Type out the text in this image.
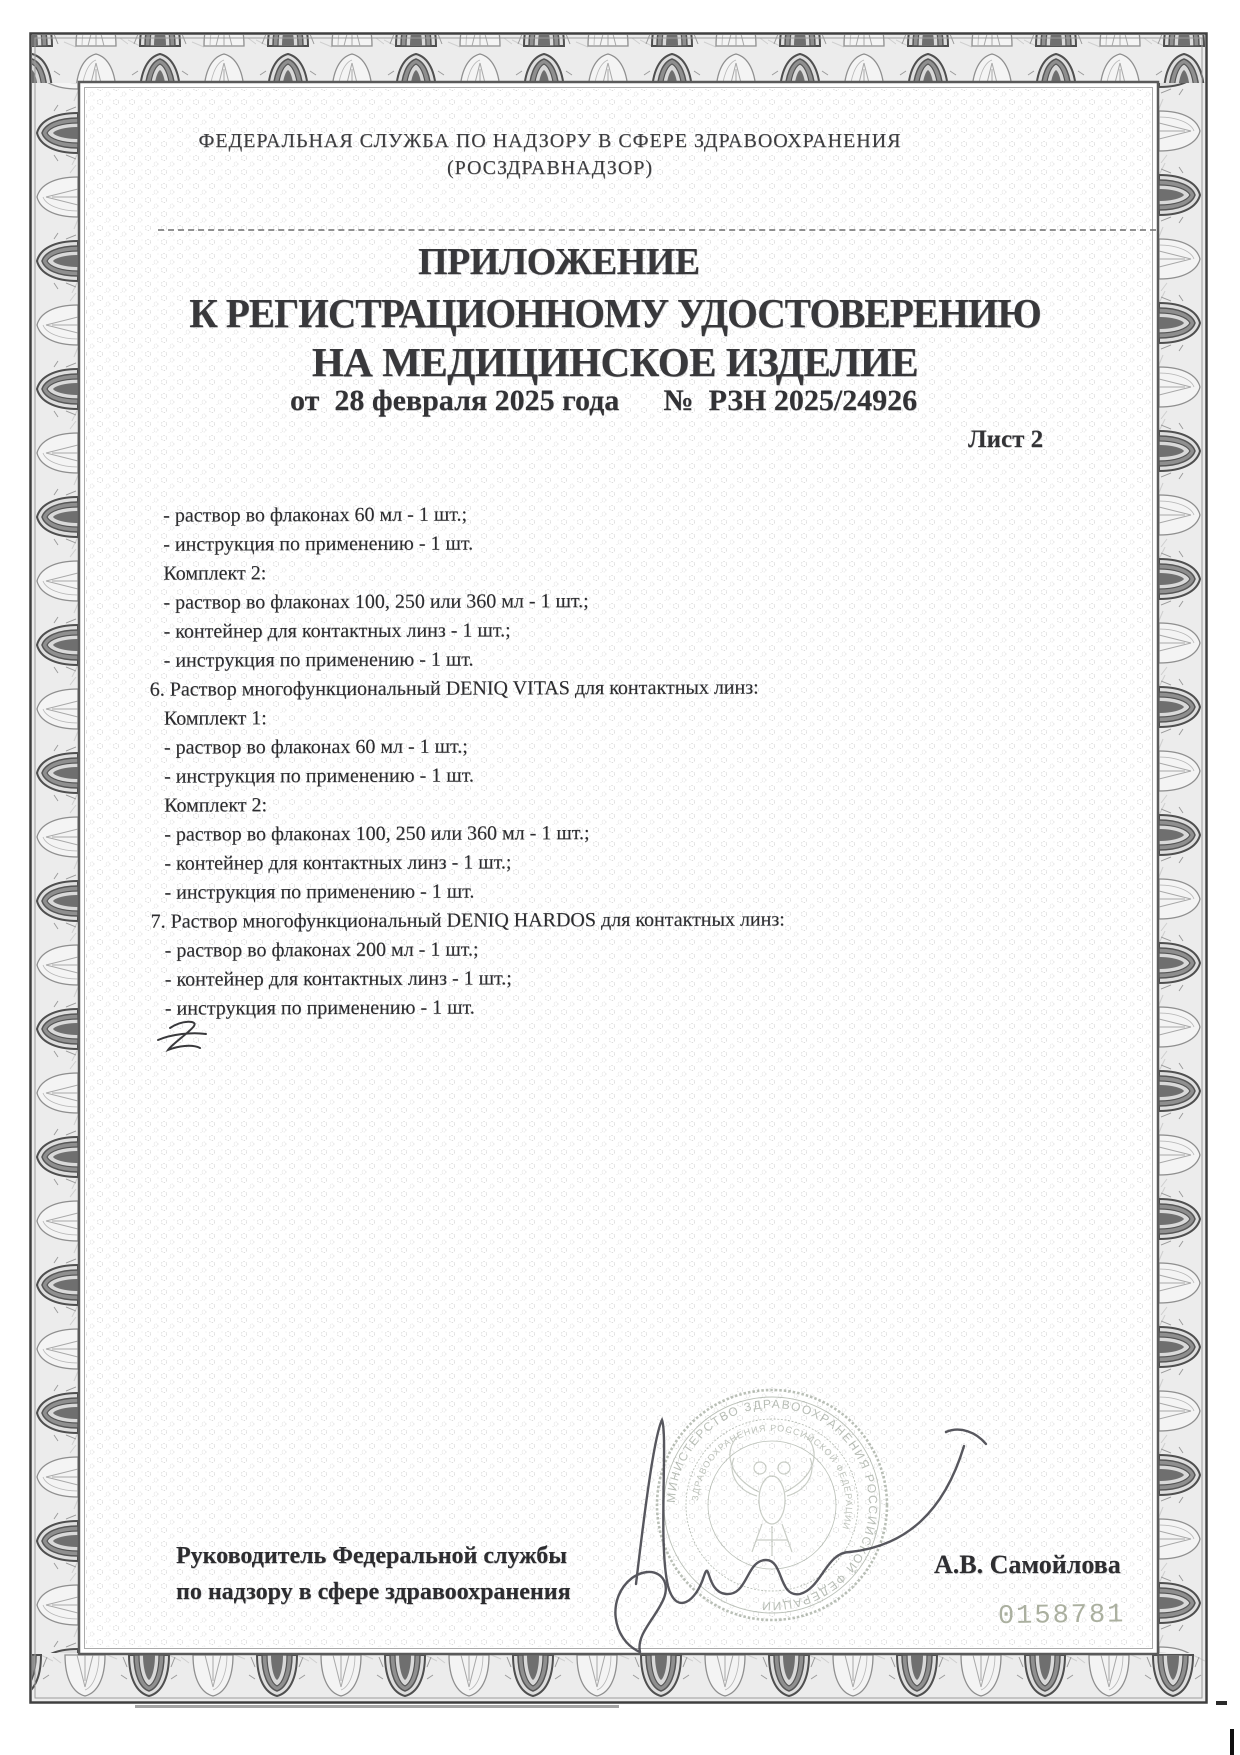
МИНИСТЕРСТВО ЗДРАВООХРАНЕНИЯ РОССИЙСКОЙ ФЕДЕРАЦИИ
ЗДРАВООХРАНЕНИЯ РОССИЙСКОЙ ФЕДЕРАЦИИ
ФЕДЕРАЛЬНАЯ СЛУЖБА ПО НАДЗОРУ В СФЕРЕ ЗДРАВООХРАНЕНИЯ
(РОСЗДРАВНАДЗОР)
ПРИЛОЖЕНИЕ
К РЕГИСТРАЦИОННОМУ УДОСТОВЕРЕНИЮ
НА МЕДИЦИНСКОЕ ИЗДЕЛИЕ
от  28 февраля 2025 года № РЗН 2025/24926
Лист 2
- раствор во флаконах 60 мл - 1 шт.;
- инструкция по применению - 1 шт.
Комплект 2:
- раствор во флаконах 100, 250 или 360 мл - 1 шт.;
- контейнер для контактных линз - 1 шт.;
- инструкция по применению - 1 шт.
6. Раствор многофункциональный DENIQ VITAS для контактных линз:
Комплект 1:
- раствор во флаконах 60 мл - 1 шт.;
- инструкция по применению - 1 шт.
Комплект 2:
- раствор во флаконах 100, 250 или 360 мл - 1 шт.;
- контейнер для контактных линз - 1 шт.;
- инструкция по применению - 1 шт.
7. Раствор многофункциональный DENIQ HARDOS для контактных линз:
- раствор во флаконах 200 мл - 1 шт.;
- контейнер для контактных линз - 1 шт.;
- инструкция по применению - 1 шт.
Руководитель Федеральной службы
по надзору в сфере здравоохранения
А.В. Самойлова
0158781
